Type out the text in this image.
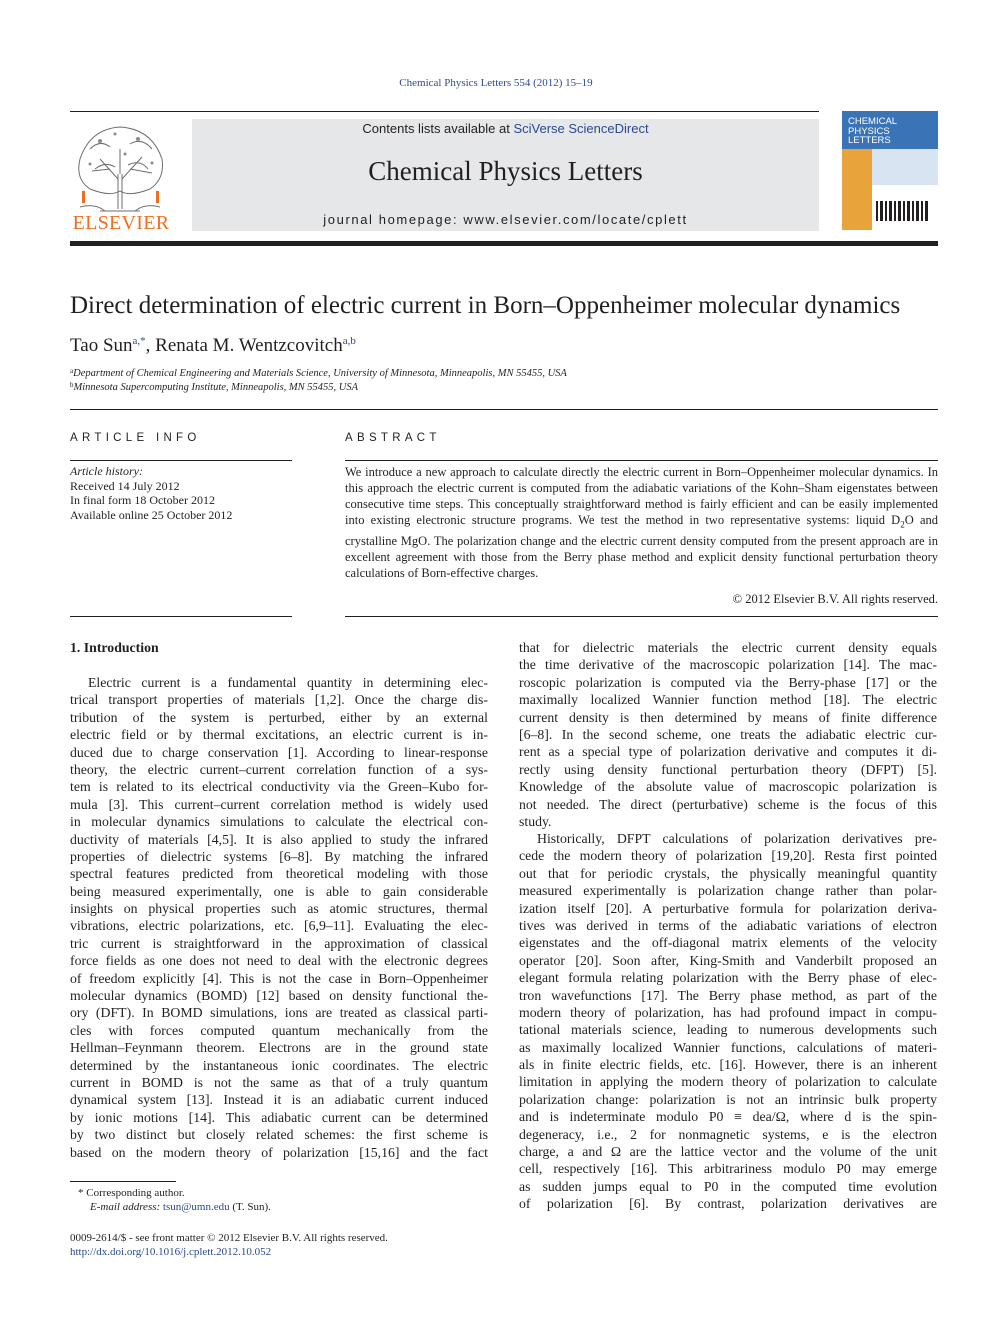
Chemical Physics Letters 554 (2012) 15–19
ELSEVIER
Contents lists available at SciVerse ScienceDirect
Chemical Physics Letters
journal homepage: www.elsevier.com/locate/cplett
CHEMICAL
PHYSICS
LETTERS
Direct determination of electric current in Born–Oppenheimer molecular dynamics
Tao Sun$^{a,*}$, Renata M. Wentzcovitch$^{a,b}$
$^a$Department of Chemical Engineering and Materials Science, University of Minnesota, Minneapolis, MN 55455, USA
$^b$Minnesota Supercomputing Institute, Minneapolis, MN 55455, USA
ARTICLE INFO
Article history:
Received 14 July 2012
In final form 18 October 2012
Available online 25 October 2012
ABSTRACT
We introduce a new approach to calculate directly the electric current in Born–Oppenheimer molecular dynamics. In this approach the electric current is computed from the adiabatic variations of the Kohn–Sham eigenstates between consecutive time steps. This conceptually straightforward method is fairly efficient and can be easily implemented into existing electronic structure programs. We test the method in two representative systems: liquid $D_2O$ and crystalline MgO. The polarization change and the electric current density computed from the present approach are in excellent agreement with those from the Berry phase method and explicit density functional perturbation theory calculations of Born-effective charges.
© 2012 Elsevier B.V. All rights reserved.
1. Introduction
Electric current is a fundamental quantity in determining elec-
trical transport properties of materials [1,2]. Once the charge dis-
tribution of the system is perturbed, either by an external
electric field or by thermal excitations, an electric current is in-
duced due to charge conservation [1]. According to linear-response
theory, the electric current–current correlation function of a sys-
tem is related to its electrical conductivity via the Green–Kubo for-
mula [3]. This current–current correlation method is widely used
in molecular dynamics simulations to calculate the electrical con-
ductivity of materials [4,5]. It is also applied to study the infrared
properties of dielectric systems [6–8]. By matching the infrared
spectral features predicted from theoretical modeling with those
being measured experimentally, one is able to gain considerable
insights on physical properties such as atomic structures, thermal
vibrations, electric polarizations, etc. [6,9–11]. Evaluating the elec-
tric current is straightforward in the approximation of classical
force fields as one does not need to deal with the electronic degrees
of freedom explicitly [4]. This is not the case in Born–Oppenheimer
molecular dynamics (BOMD) [12] based on density functional the-
ory (DFT). In BOMD simulations, ions are treated as classical parti-
cles with forces computed quantum mechanically from the
Hellman–Feynmann theorem. Electrons are in the ground state
determined by the instantaneous ionic coordinates. The electric
current in BOMD is not the same as that of a truly quantum
dynamical system [13]. Instead it is an adiabatic current induced
by ionic motions [14]. This adiabatic current can be determined
by two distinct but closely related schemes: the first scheme is
based on the modern theory of polarization [15,16] and the fact
that for dielectric materials the electric current density equals
the time derivative of the macroscopic polarization [14]. The mac-
roscopic polarization is computed via the Berry-phase [17] or the
maximally localized Wannier function method [18]. The electric
current density is then determined by means of finite difference
[6–8]. In the second scheme, one treats the adiabatic electric cur-
rent as a special type of polarization derivative and computes it di-
rectly using density functional perturbation theory (DFPT) [5].
Knowledge of the absolute value of macroscopic polarization is
not needed. The direct (perturbative) scheme is the focus of this
study.
Historically, DFPT calculations of polarization derivatives pre-
cede the modern theory of polarization [19,20]. Resta first pointed
out that for periodic crystals, the physically meaningful quantity
measured experimentally is polarization change rather than polar-
ization itself [20]. A perturbative formula for polarization deriva-
tives was derived in terms of the adiabatic variations of electron
eigenstates and the off-diagonal matrix elements of the velocity
operator [20]. Soon after, King-Smith and Vanderbilt proposed an
elegant formula relating polarization with the Berry phase of elec-
tron wavefunctions [17]. The Berry phase method, as part of the
modern theory of polarization, has had profound impact in compu-
tational materials science, leading to numerous developments such
as maximally localized Wannier functions, calculations of materi-
als in finite electric fields, etc. [16]. However, there is an inherent
limitation in applying the modern theory of polarization to calculate
polarization change: polarization is not an intrinsic bulk property
and is indeterminate modulo P0 ≡ dea/Ω, where d is the spin-
degeneracy, i.e., 2 for nonmagnetic systems, e is the electron
charge, a and Ω are the lattice vector and the volume of the unit
cell, respectively [16]. This arbitrariness modulo P0 may emerge
as sudden jumps equal to P0 in the computed time evolution
of polarization [6]. By contrast, polarization derivatives are
* Corresponding author.
E-mail address: tsun@umn.edu (T. Sun).
0009-2614/$ - see front matter © 2012 Elsevier B.V. All rights reserved.
http://dx.doi.org/10.1016/j.cplett.2012.10.052
